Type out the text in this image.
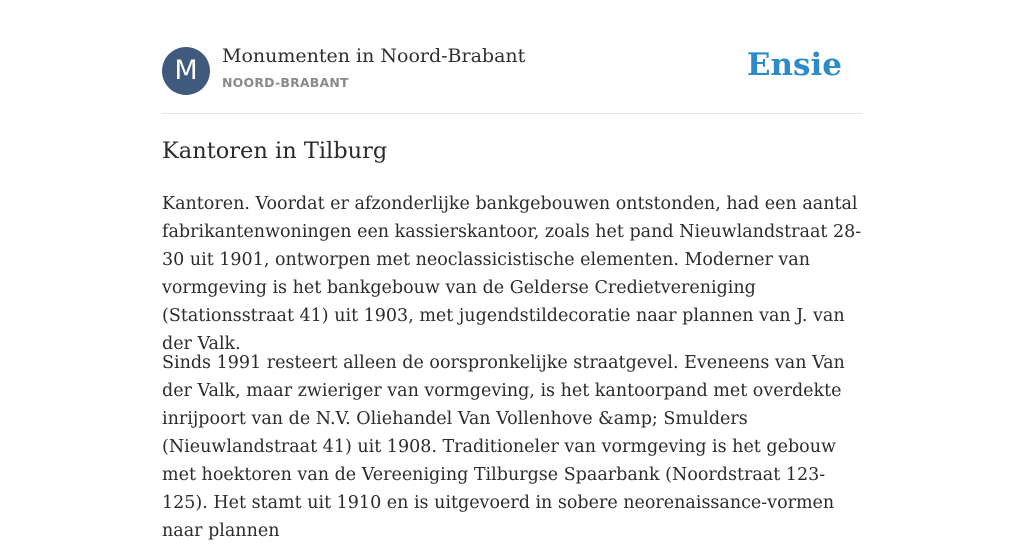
M	Monumenten in Noord-Brabant
NOORD-BRABANT	Ensie
Kantoren in Tilburg

Kantoren. Voordat er afzonderlijke bankgebouwen ontstonden, had een aantal fabrikantenwoningen een kassierskantoor, zoals het pand Nieuwlandstraat 28-30 uit 1901, ontworpen met neoclassicistische elementen. Moderner van vormgeving is het bankgebouw van de Gelderse Credietvereniging (Stationsstraat 41) uit 1903, met jugendstildecoratie naar plannen van J. van der Valk.

Sinds 1991 resteert alleen de oorspronkelijke straatgevel. Eveneens van Van der Valk, maar zwieriger van vormgeving, is het kantoorpand met overdekte inrijpoort van de N.V. Oliehandel Van Vollenhove &amp; Smulders (Nieuwlandstraat 41) uit 1908. Traditioneler van vormgeving is het gebouw met hoektoren van de Vereeniging Tilburgse Spaarbank (Noordstraat 123-125). Het stamt uit 1910 en is uitgevoerd in sobere neorenaissance-vormen naar plannen
